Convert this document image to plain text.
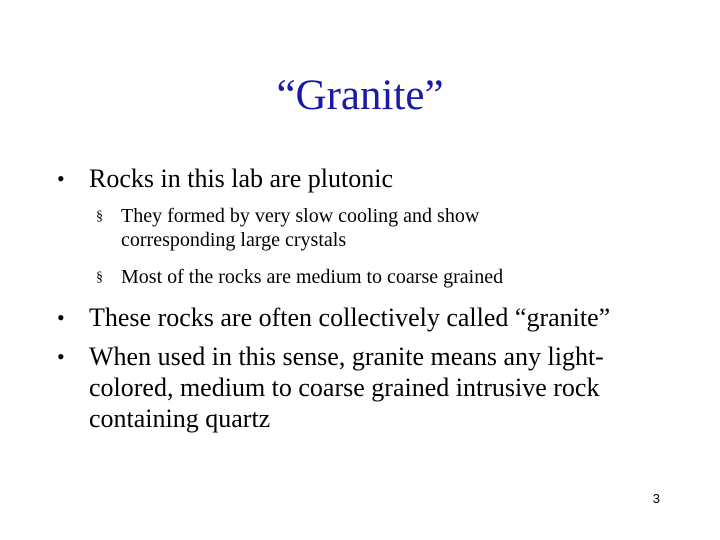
“Granite”
• Rocks in this lab are plutonic
§ They formed by very slow cooling and show
corresponding large crystals
§ Most of the rocks are medium to coarse grained
• These rocks are often collectively called “granite”
• When used in this sense, granite means any light-
colored, medium to coarse grained intrusive rock
containing quartz
3
